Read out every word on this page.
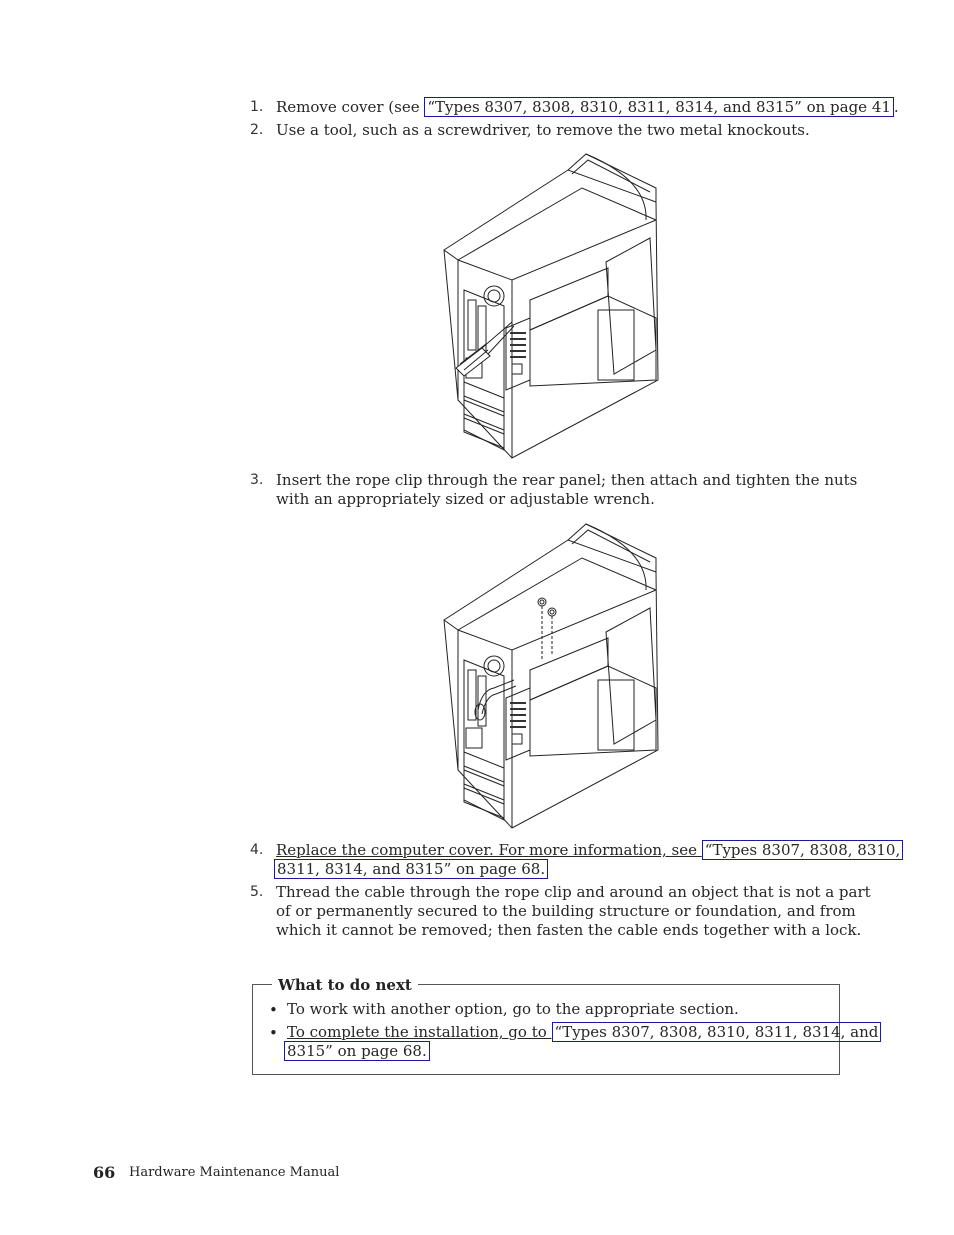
1. Remove cover (see “Types 8307, 8308, 8310, 8311, 8314, and 8315” on page 41 .
2. Use a tool, such as a screwdriver, to remove the two metal knockouts.
3. Insert the rope clip through the rear panel; then attach and tighten the nuts
with an appropriately sized or adjustable wrench.
4. Replace the computer cover. For more information, see “Types 8307, 8308, 8310,
8311, 8314, and 8315” on page 68.
5. Thread the cable through the rope clip and around an object that is not a part
of or permanently secured to the building structure or foundation, and from
which it cannot be removed; then fasten the cable ends together with a lock.
What to do next
• To work with another option, go to the appropriate section.
• To complete the installation, go to “Types 8307, 8308, 8310, 8311, 8314, and
8315” on page 68.
66 Hardware Maintenance Manual
